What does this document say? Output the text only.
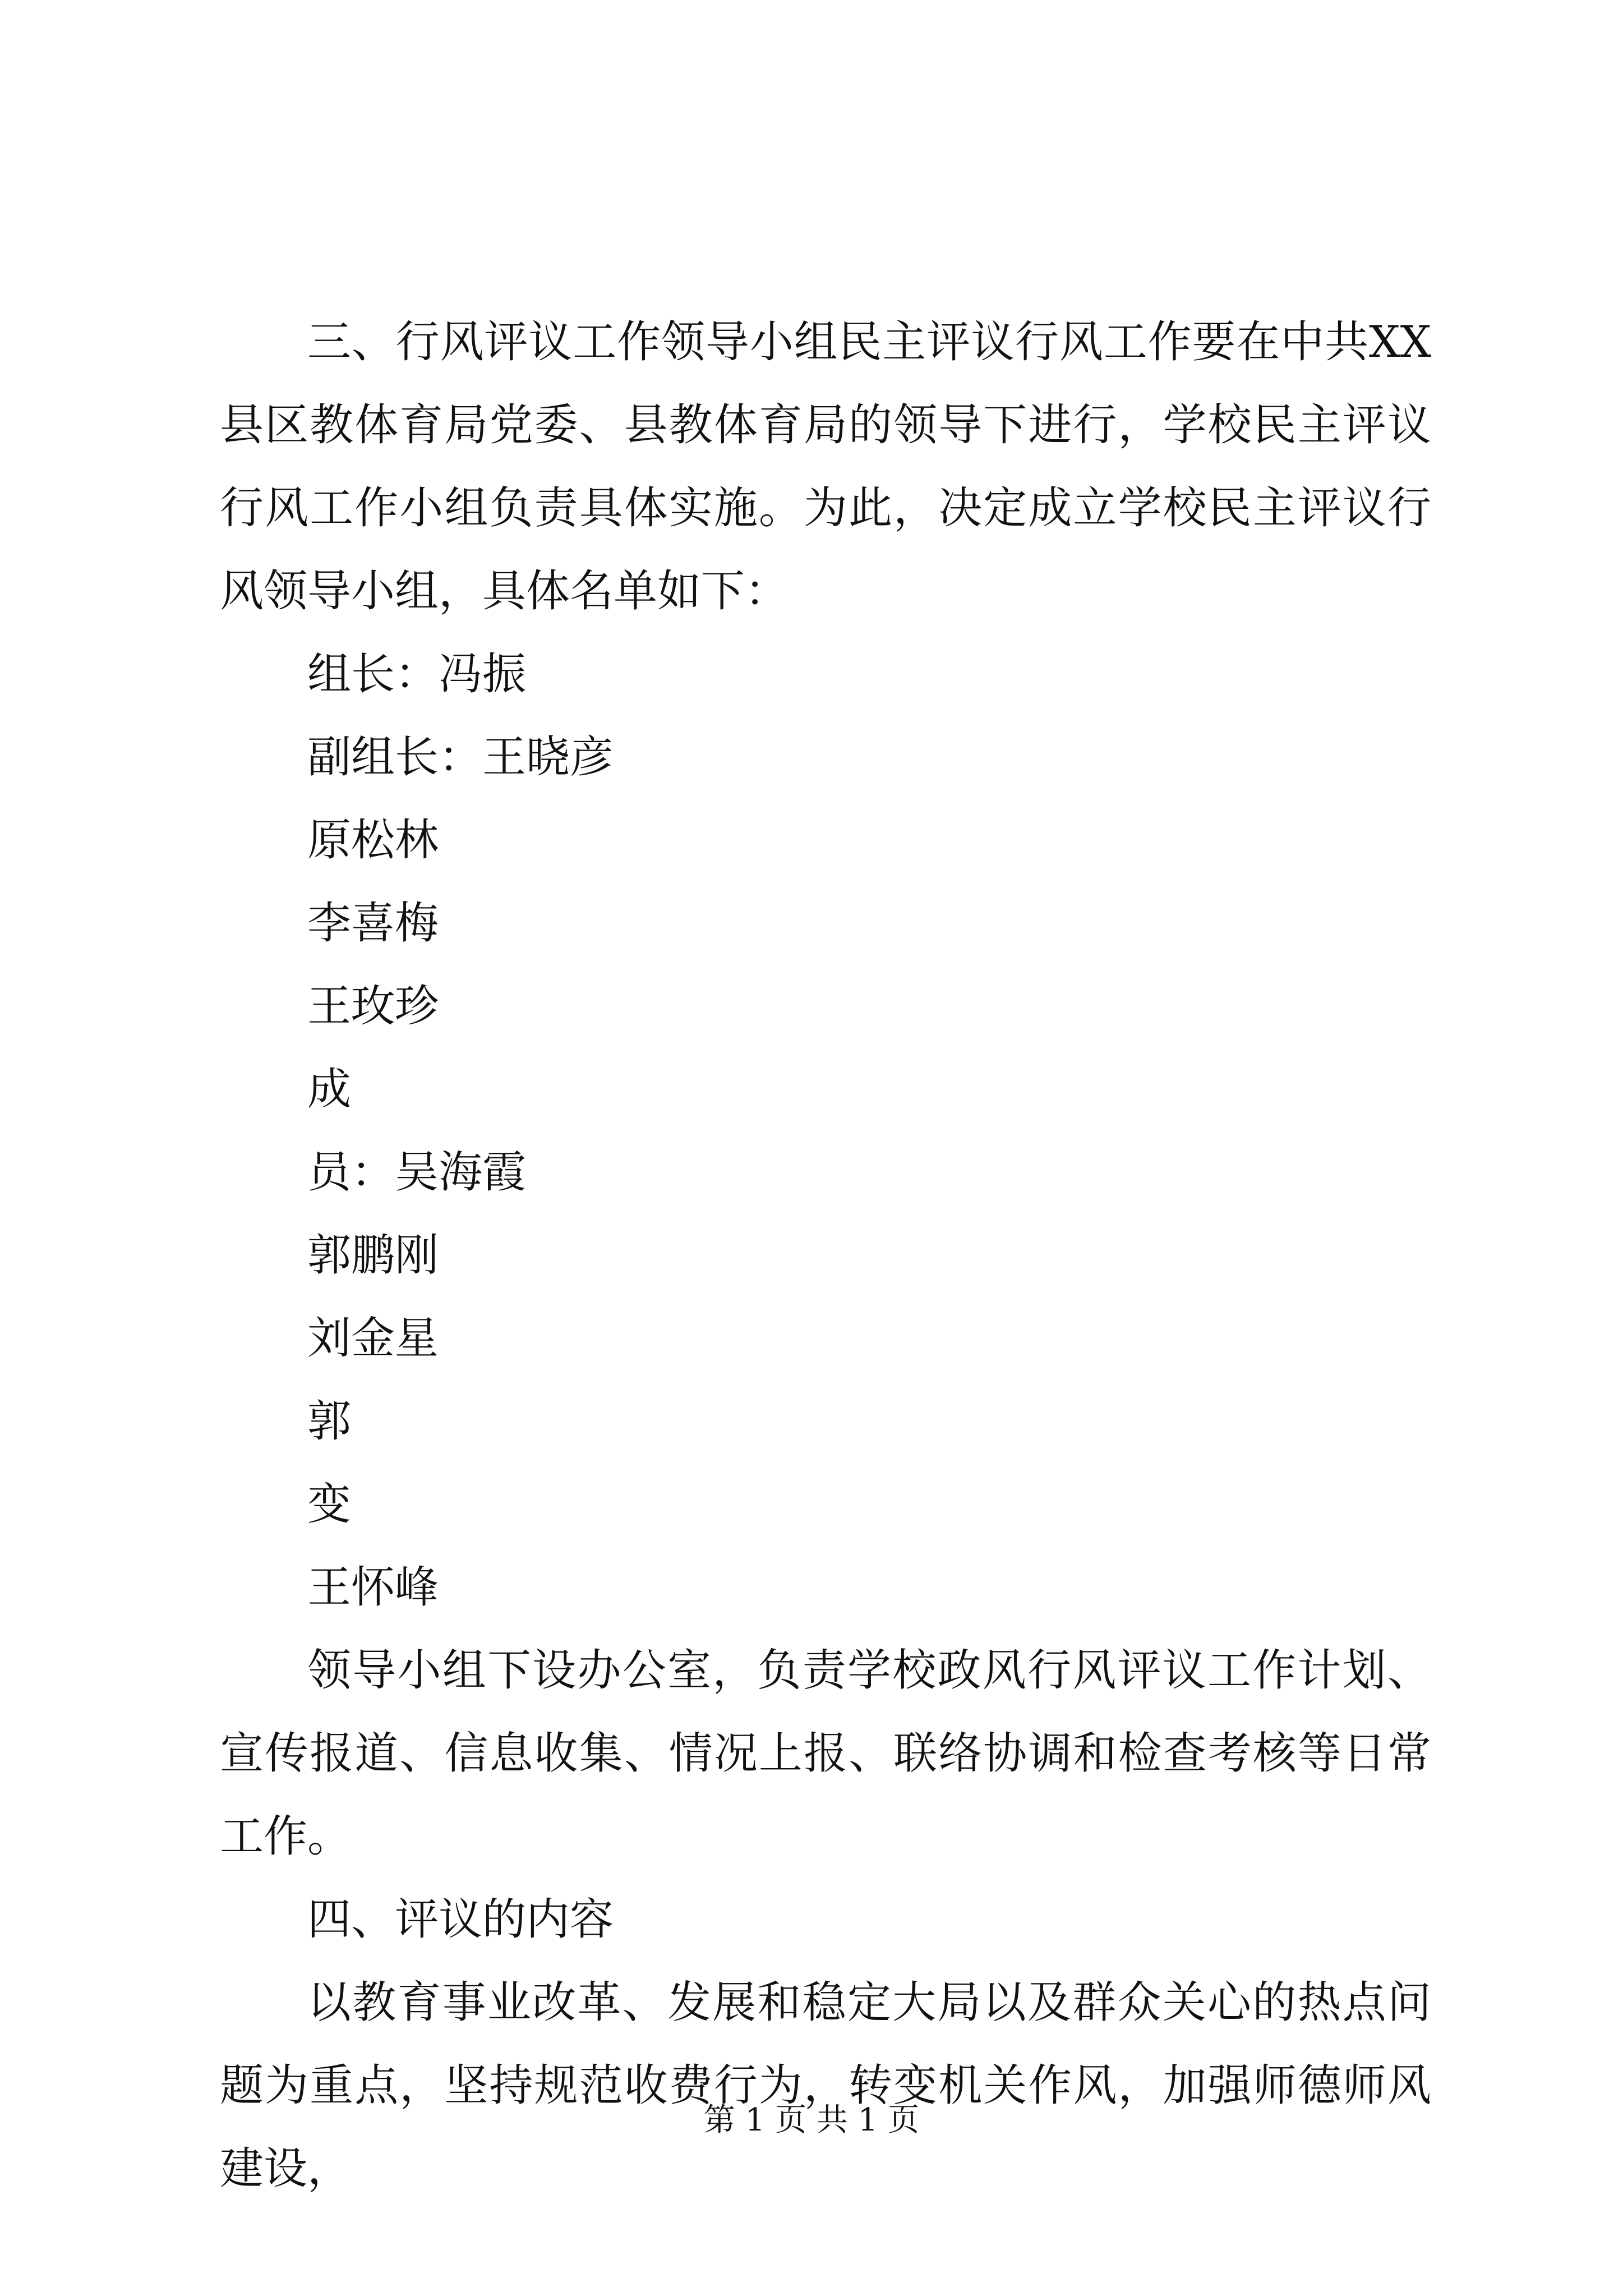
三、行风评议工作领导小组民主评议行风工作要在中共XX县区教体育局党委、县教体育局的领导下进行，学校民主评议行风工作小组负责具体实施。为此，决定成立学校民主评议行风领导小组，具体名单如下：

组长：冯振

副组长：王晓彦

原松林

李喜梅

王玫珍

成

员：吴海霞

郭鹏刚

刘金星

郭

变

王怀峰

领导小组下设办公室，负责学校政风行风评议工作计划、宣传报道、信息收集、情况上报、联络协调和检查考核等日常工作。

四、评议的内容

以教育事业改革、发展和稳定大局以及群众关心的热点问题为重点，坚持规范收费行为，转变机关作风，加强师德师风建设，

第 1 页 共 1 页
